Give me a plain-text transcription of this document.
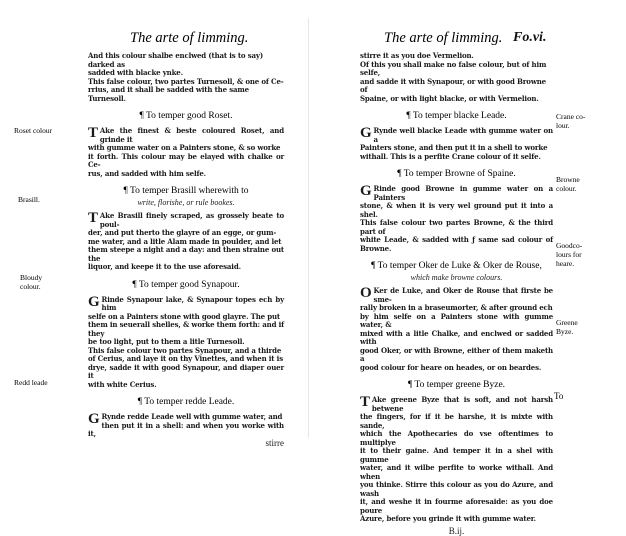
The arte of limming.
Roset colour
Brasill.
Bloudy
colour.
Redd leade

And this colour shalbe enclwed (that is to say) darked as

sadded with blacke ynke.

This false colour, two partes Turnesoll, & one of Ce-

rrius, and it shall be sadded with the same Turnesoll.

¶ To temper good Roset.

T Ake the finest & beste coloured Roset, and grinde it

with gumme water on a Painters stone, & so worke

it forth. This colour may be elayed with chalke or Ce-

rus, and sadded with him selfe.

¶ To temper Brasill wherewith to

write, florishe, or rule bookes.

T Ake Brasill finely scraped, as grossely beate to poul-

der, and put therto the glayre of an egge, or gum-

me water, and a litle Alam made in poulder, and let

them steepe a night and a day: and then straine out the

liquor, and keepe it to the use aforesaid.

¶ To temper good Synapour.

G Rinde Synapour lake, & Synapour topes ech by him

selfe on a Painters stone with good glayre. The put

them in seuerall shelles, & worke them forth: and if they

be too light, put to them a litle Turnesoll.

This false colour two partes Synapour, and a thirde

of Cerius, and laye it on thy Vinettes, and when it is

drye, sadde it with good Synapour, and diaper ouer it

with white Cerius.

¶ To temper redde Leade.

G Rynde redde Leade well with gumme water, and

then put it in a shell: and when you worke with it,

stirre

The arte of limming. Fo.vi.
Crane co-
lour.
Browne
colour.
Goodco-
lours for
heare.
Greene
Byze.

stirre it as you doe Vermelion.

Of this you shall make no false colour, but of him selfe,

and sadde it with Synapour, or with good Browne of

Spaine, or with light blacke, or with Vermelion.

¶ To temper blacke Leade.

G Rynde well blacke Leade with gumme water on a

Painters stone, and then put it in a shell to worke

withall. This is a perfite Crane colour of it selfe.

¶ To temper Browne of Spaine.

G Rinde good Browne in gumme water on a Painters

stone, & when it is very wel ground put it into a shel.

This false colour two partes Browne, & the third part of

white Leade, & sadded with ƒ same sad colour of Browne.

¶ To temper Oker de Luke & Oker de Rouse,

which make browne colours.

O Ker de Luke, and Oker de Rouse that firste be sme-

rally broken in a braseumorter, & after ground ech

by him selfe on a Painters stone with gumme water, &

mixed with a litle Chalke, and enclwed or sadded with

good Oker, or with Browne, either of them maketh a

good colour for heare on heades, or on beardes.

¶ To temper greene Byze.

T Ake greene Byze that is soft, and not harsh betwene

the fingers, for if it be harshe, it is mixte with sande,

which the Apothecaries do vse oftentimes to multiplye

it to their gaine. And temper it in a shel with gumme

water, and it wilbe perfite to worke withall. And when

you thinke. Stirre this colour as you do Azure, and wash

it, and weshe it in fourme aforesaide: as you doe poure

Azure, before you grinde it with gumme water.

B.ij.

To
